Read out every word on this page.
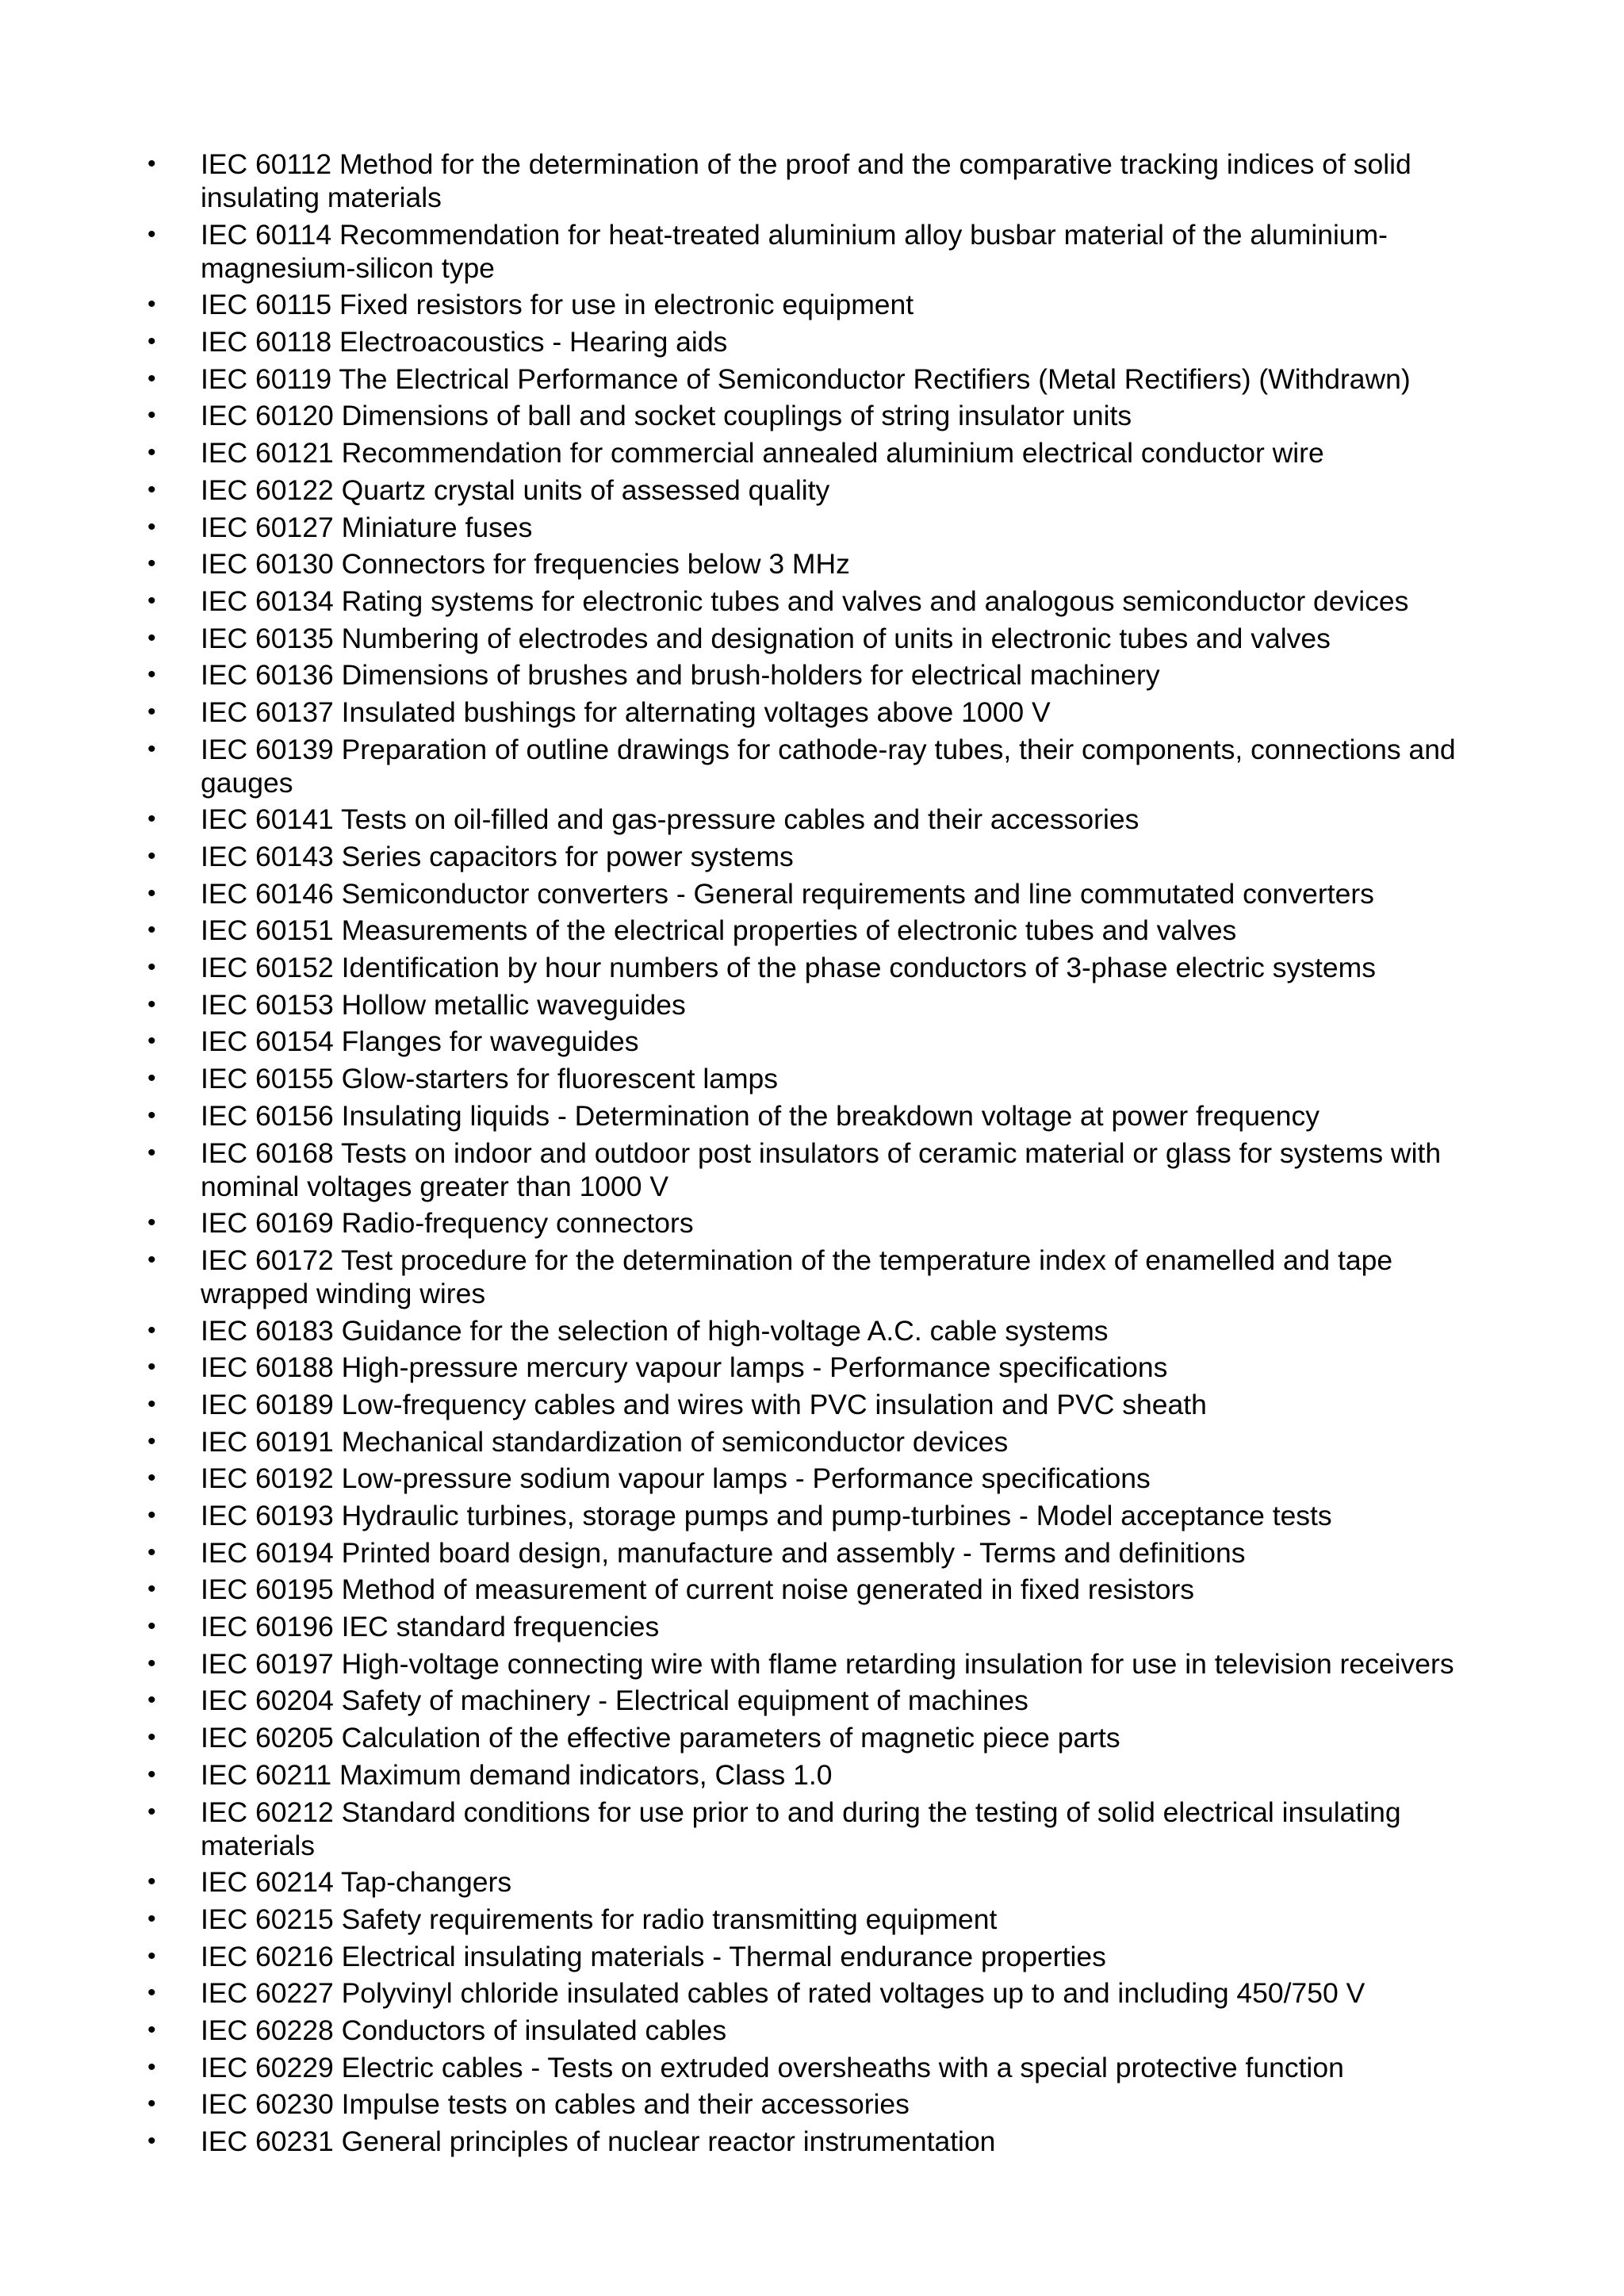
• IEC 60112 Method for the determination of the proof and the comparative tracking indices of solid insulating materials
• IEC 60114 Recommendation for heat-treated aluminium alloy busbar material of the aluminium-magnesium-silicon type
• IEC 60115 Fixed resistors for use in electronic equipment
• IEC 60118 Electroacoustics - Hearing aids
• IEC 60119 The Electrical Performance of Semiconductor Rectifiers (Metal Rectifiers) (Withdrawn)
• IEC 60120 Dimensions of ball and socket couplings of string insulator units
• IEC 60121 Recommendation for commercial annealed aluminium electrical conductor wire
• IEC 60122 Quartz crystal units of assessed quality
• IEC 60127 Miniature fuses
• IEC 60130 Connectors for frequencies below 3 MHz
• IEC 60134 Rating systems for electronic tubes and valves and analogous semiconductor devices
• IEC 60135 Numbering of electrodes and designation of units in electronic tubes and valves
• IEC 60136 Dimensions of brushes and brush-holders for electrical machinery
• IEC 60137 Insulated bushings for alternating voltages above 1000 V
• IEC 60139 Preparation of outline drawings for cathode-ray tubes, their components, connections and gauges
• IEC 60141 Tests on oil-filled and gas-pressure cables and their accessories
• IEC 60143 Series capacitors for power systems
• IEC 60146 Semiconductor converters - General requirements and line commutated converters
• IEC 60151 Measurements of the electrical properties of electronic tubes and valves
• IEC 60152 Identification by hour numbers of the phase conductors of 3-phase electric systems
• IEC 60153 Hollow metallic waveguides
• IEC 60154 Flanges for waveguides
• IEC 60155 Glow-starters for fluorescent lamps
• IEC 60156 Insulating liquids - Determination of the breakdown voltage at power frequency
• IEC 60168 Tests on indoor and outdoor post insulators of ceramic material or glass for systems with nominal voltages greater than 1000 V
• IEC 60169 Radio-frequency connectors
• IEC 60172 Test procedure for the determination of the temperature index of enamelled and tape wrapped winding wires
• IEC 60183 Guidance for the selection of high-voltage A.C. cable systems
• IEC 60188 High-pressure mercury vapour lamps - Performance specifications
• IEC 60189 Low-frequency cables and wires with PVC insulation and PVC sheath
• IEC 60191 Mechanical standardization of semiconductor devices
• IEC 60192 Low-pressure sodium vapour lamps - Performance specifications
• IEC 60193 Hydraulic turbines, storage pumps and pump-turbines - Model acceptance tests
• IEC 60194 Printed board design, manufacture and assembly - Terms and definitions
• IEC 60195 Method of measurement of current noise generated in fixed resistors
• IEC 60196 IEC standard frequencies
• IEC 60197 High-voltage connecting wire with flame retarding insulation for use in television receivers
• IEC 60204 Safety of machinery - Electrical equipment of machines
• IEC 60205 Calculation of the effective parameters of magnetic piece parts
• IEC 60211 Maximum demand indicators, Class 1.0
• IEC 60212 Standard conditions for use prior to and during the testing of solid electrical insulating materials
• IEC 60214 Tap-changers
• IEC 60215 Safety requirements for radio transmitting equipment
• IEC 60216 Electrical insulating materials - Thermal endurance properties
• IEC 60227 Polyvinyl chloride insulated cables of rated voltages up to and including 450/750 V
• IEC 60228 Conductors of insulated cables
• IEC 60229 Electric cables - Tests on extruded oversheaths with a special protective function
• IEC 60230 Impulse tests on cables and their accessories
• IEC 60231 General principles of nuclear reactor instrumentation
